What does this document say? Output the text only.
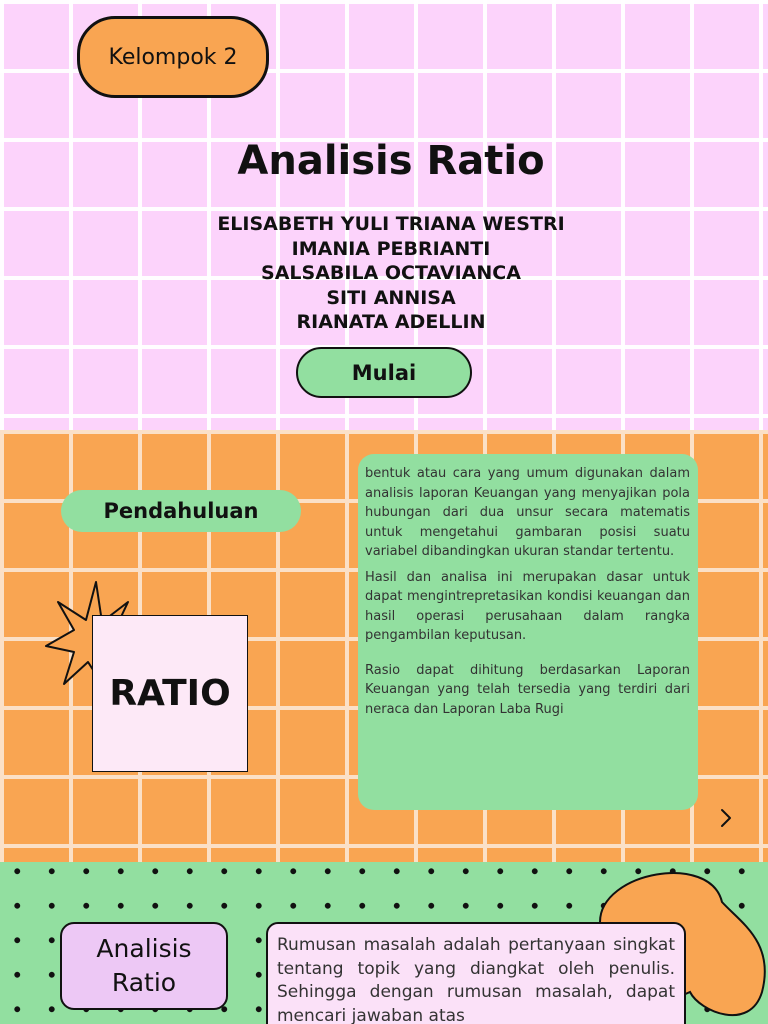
Kelompok 2
Analisis Ratio
ELISABETH YULI TRIANA WESTRI
IMANIA PEBRIANTI
SALSABILA OCTAVIANCA
SITI ANNISA
RIANATA ADELLIN
Mulai
Pendahuluan
RATIO

bentuk atau cara yang umum digunakan dalam analisis laporan Keuangan yang menyajikan pola hubungan dari dua unsur secara matematis untuk mengetahui gambaran posisi suatu variabel dibandingkan ukuran standar tertentu.

Hasil dan analisa ini merupakan dasar untuk dapat mengintrepretasikan kondisi keuangan dan hasil operasi perusahaan dalam rangka pengambilan keputusan.

Rasio dapat dihitung berdasarkan Laporan Keuangan yang telah tersedia yang terdiri dari neraca dan Laporan Laba Rugi

Analisis Ratio
Rumusan masalah adalah pertanyaan singkat tentang topik yang diangkat oleh penulis. Sehingga dengan rumusan masalah, dapat mencari jawaban atas
